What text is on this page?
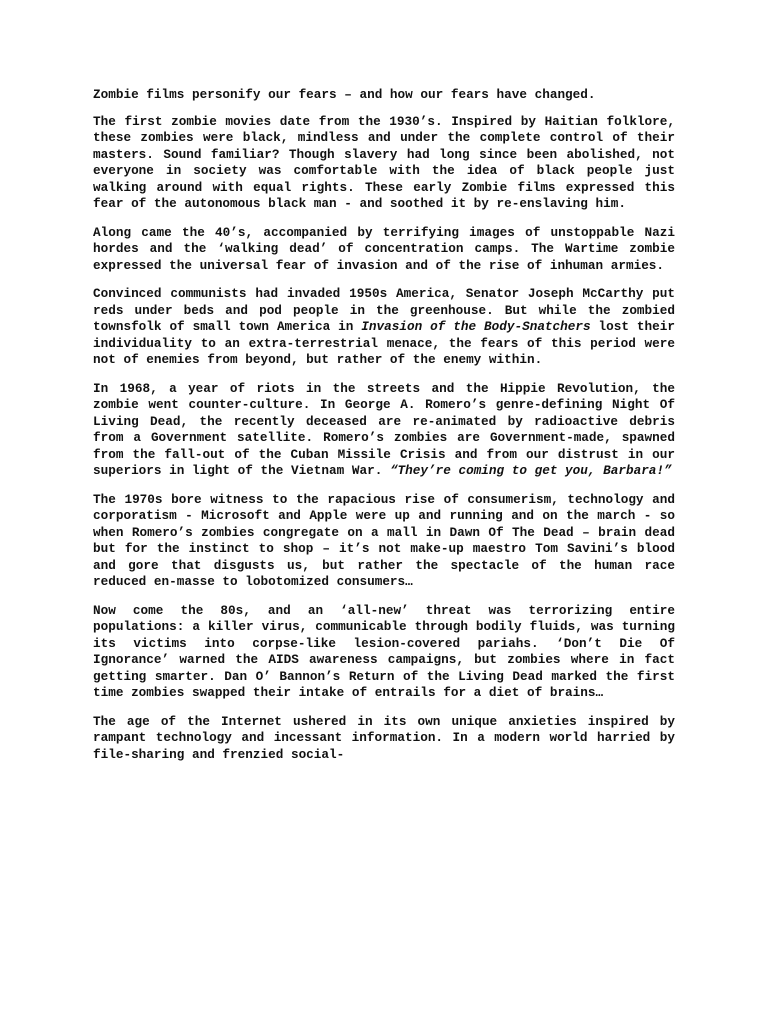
Zombie films personify our fears – and how our fears have changed.

The first zombie movies date from the 1930’s. Inspired by Haitian folklore, these zombies were black, mindless and under the complete control of their masters. Sound familiar? Though slavery had long since been abolished, not everyone in society was comfortable with the idea of black people just walking around with equal rights. These early Zombie films expressed this fear of the autonomous black man - and soothed it by re-enslaving him.

Along came the 40’s, accompanied by terrifying images of unstoppable Nazi hordes and the ‘walking dead’ of concentration camps. The Wartime zombie expressed the universal fear of invasion and of the rise of inhuman armies.

Convinced communists had invaded 1950s America, Senator Joseph McCarthy put reds under beds and pod people in the greenhouse. But while the zombied townsfolk of small town America in Invasion of the Body-Snatchers lost their individuality to an extra-terrestrial menace, the fears of this period were not of enemies from beyond, but rather of the enemy within.

In 1968, a year of riots in the streets and the Hippie Revolution, the zombie went counter-culture. In George A. Romero’s genre-defining Night Of Living Dead, the recently deceased are re-animated by radioactive debris from a Government satellite. Romero’s zombies are Government-made, spawned from the fall-out of the Cuban Missile Crisis and from our distrust in our superiors in light of the Vietnam War. “They’re coming to get you, Barbara!”

The 1970s bore witness to the rapacious rise of consumerism, technology and corporatism - Microsoft and Apple were up and running and on the march - so when Romero’s zombies congregate on a mall in Dawn Of The Dead – brain dead but for the instinct to shop – it’s not make-up maestro Tom Savini’s blood and gore that disgusts us, but rather the spectacle of the human race reduced en-masse to lobotomized consumers…

Now come the 80s, and an ‘all-new’ threat was terrorizing entire populations: a killer virus, communicable through bodily fluids, was turning its victims into corpse-like lesion-covered pariahs. ‘Don’t Die Of Ignorance’ warned the AIDS awareness campaigns, but zombies where in fact getting smarter. Dan O’ Bannon’s Return of the Living Dead marked the first time zombies swapped their intake of entrails for a diet of brains…

The age of the Internet ushered in its own unique anxieties inspired by rampant technology and incessant information. In a modern world harried by file-sharing and frenzied social-
